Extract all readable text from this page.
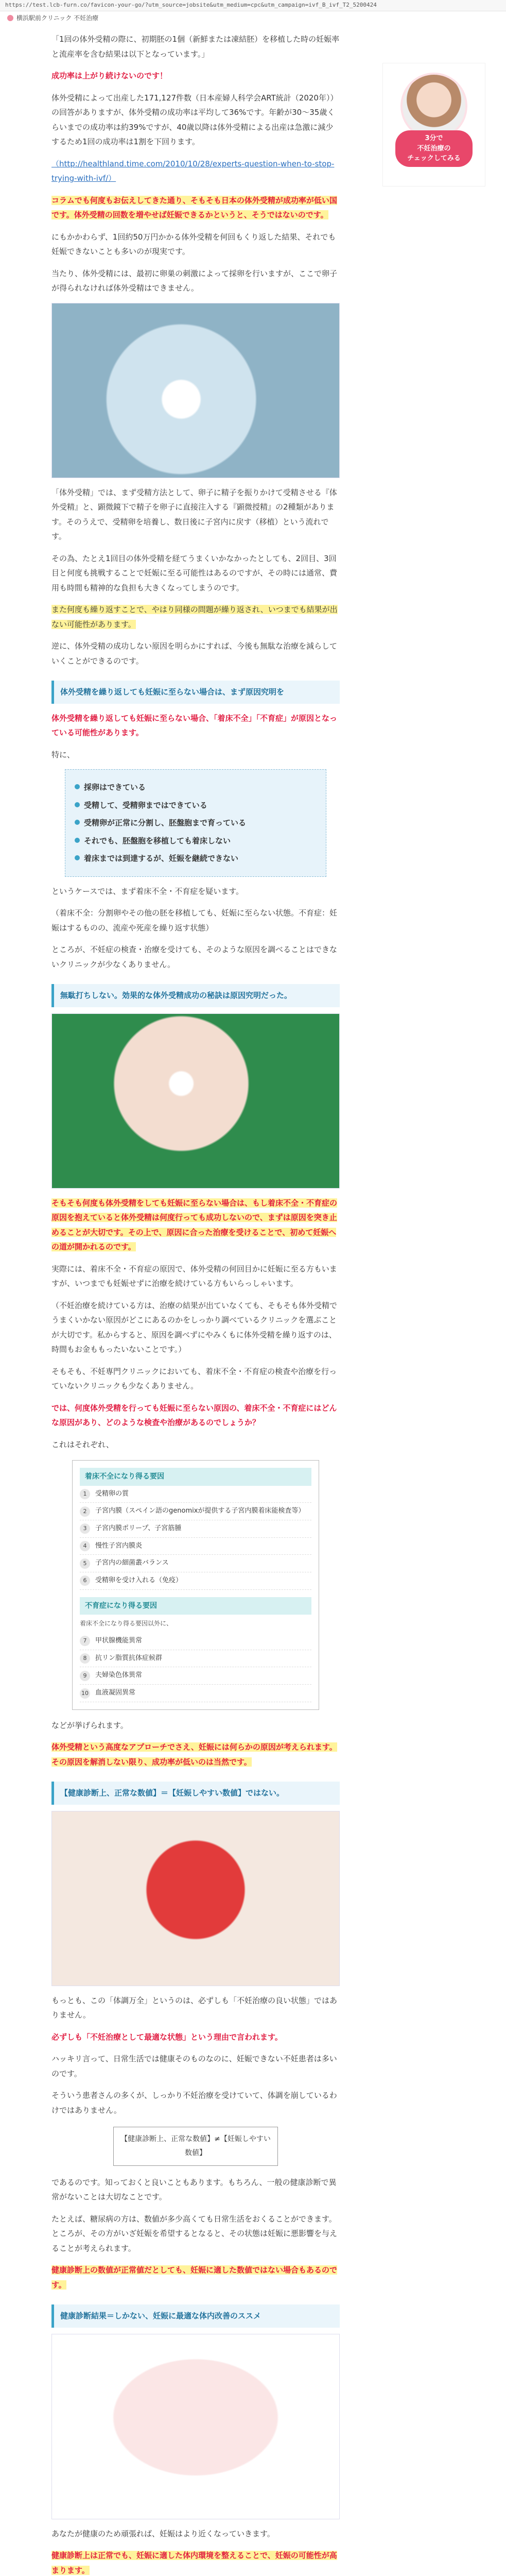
https://test.lcb-furn.co/favicon-your-go/?utm_source=jobsite&utm_medium=cpc&utm_campaign=ivf_B_ivf_T2_5200424
横浜駅前クリニック 不妊治療

「1回の体外受精の際に、初期胚の1個（新鮮または凍結胚）を移植した時の妊娠率と流産率を含む結果は以下となっています。」

成功率は上がり続けないのです！

体外受精によって出産した171,127件数（日本産婦人科学会ART統計（2020年））の回答がありますが、体外受精の成功率は平均して36%です。年齢が30〜35歳くらいまでの成功率は約39%ですが、40歳以降は体外受精による出産は急激に減少するため1回の成功率は1割を下回ります。

（http://healthland.time.com/2010/10/28/experts-question-when-to-stop-trying-with-ivf/）

コラムでも何度もお伝えしてきた通り、そもそも日本の体外受精が成功率が低い国です。体外受精の回数を増やせば妊娠できるかというと、そうではないのです。

にもかかわらず、1回約50万円かかる体外受精を何回もくり返した結果、それでも妊娠できないことも多いのが現実です。

当たり、体外受精には、最初に卵巣の刺激によって採卵を行いますが、ここで卵子が得られなければ体外受精はできません。

「体外受精」では、まず受精方法として、卵子に精子を振りかけて受精させる『体外受精』と、顕微鏡下で精子を卵子に直接注入する『顕微授精』の2種類があります。そのうえで、受精卵を培養し、数日後に子宮内に戻す（移植）という流れです。

その為、たとえ1回目の体外受精を経てうまくいかなかったとしても、2回目、3回目と何度も挑戦することで妊娠に至る可能性はあるのですが、その時には通常、費用も時間も精神的な負担も大きくなってしまうのです。

また何度も繰り返すことで、やはり同様の問題が繰り返され、いつまでも結果が出ない可能性があります。

逆に、体外受精の成功しない原因を明らかにすれば、今後も無駄な治療を減らしていくことができるのです。

体外受精を繰り返しても妊娠に至らない場合は、まず原因究明を

体外受精を繰り返しても妊娠に至らない場合、「着床不全」「不育症」が原因となっている可能性があります。

特に、

採卵はできている
受精して、受精卵まではできている
受精卵が正常に分割し、胚盤胞まで育っている
それでも、胚盤胞を移植しても着床しない
着床までは到達するが、妊娠を継続できない

というケースでは、まず着床不全・不育症を疑います。

（着床不全：分割卵やその他の胚を移植しても、妊娠に至らない状態。不育症：妊娠はするものの、流産や死産を繰り返す状態）

ところが、不妊症の検査・治療を受けても、そのような原因を調べることはできないクリニックが少なくありません。

無駄打ちしない。効果的な体外受精成功の秘訣は原因究明だった。

そもそも何度も体外受精をしても妊娠に至らない場合は、もし着床不全・不育症の原因を抱えていると体外受精は何度行っても成功しないので、まずは原因を突き止めることが大切です。その上で、原因に合った治療を受けることで、初めて妊娠への道が開かれるのです。

実際には、着床不全・不育症の原因で、体外受精の何回目かに妊娠に至る方もいますが、いつまでも妊娠せずに治療を続けている方もいらっしゃいます。

（不妊治療を続けている方は、治療の結果が出ていなくても、そもそも体外受精でうまくいかない原因がどこにあるのかをしっかり調べているクリニックを選ぶことが大切です。私からすると、原因を調べずにやみくもに体外受精を繰り返すのは、時間もお金ももったいないことです。）

そもそも、不妊専門クリニックにおいても、着床不全・不育症の検査や治療を行っていないクリニックも少なくありません。

では、何度体外受精を行っても妊娠に至らない原因の、着床不全・不育症にはどんな原因があり、どのような検査や治療があるのでしょうか？

これはそれぞれ、

着床不全になり得る要因
1	受精卵の質
2	子宮内膜（スペイン語のgenomixが提供する子宮内膜着床能検査等）
3	子宮内膜ポリープ、子宮筋腫
4	慢性子宮内膜炎
5	子宮内の細菌叢バランス
6	受精卵を受け入れる（免疫）
不育症になり得る要因
着床不全になり得る要因以外に、
7	甲状腺機能異常
8	抗リン脂質抗体症候群
9	夫婦染色体異常
10 血液凝固異常

などが挙げられます。

体外受精という高度なアプローチでさえ、妊娠には何らかの原因が考えられます。その原因を解消しない限り、成功率が低いのは当然です。

【健康診断上、正常な数値】＝【妊娠しやすい数値】ではない。

もっとも、この「体調万全」というのは、必ずしも「不妊治療の良い状態」ではありません。

必ずしも「不妊治療として最適な状態」という理由で言われます。

ハッキリ言って、日常生活では健康そのものなのに、妊娠できない不妊患者は多いのです。

そういう患者さんの多くが、しっかり不妊治療を受けていて、体調を崩しているわけではありません。

【健康診断上、正常な数値】≠【妊娠しやすい数値】

であるのです。知っておくと良いこともあります。もちろん、一般の健康診断で異常がないことは大切なことです。

たとえば、糖尿病の方は、数値が多少高くても日常生活をおくることができます。ところが、その方がいざ妊娠を希望するとなると、その状態は妊娠に悪影響を与えることが考えられます。

健康診断上の数値が正常値だとしても、妊娠に適した数値ではない場合もあるのです。

健康診断結果＝しかない、妊娠に最適な体内改善のススメ

あなたが健康のため頑張れば、妊娠はより近くなっていきます。

健康診断上は正常でも、妊娠に適した体内環境を整えることで、妊娠の可能性が高まります。

3分で
不妊治療の
チェックしてみる
